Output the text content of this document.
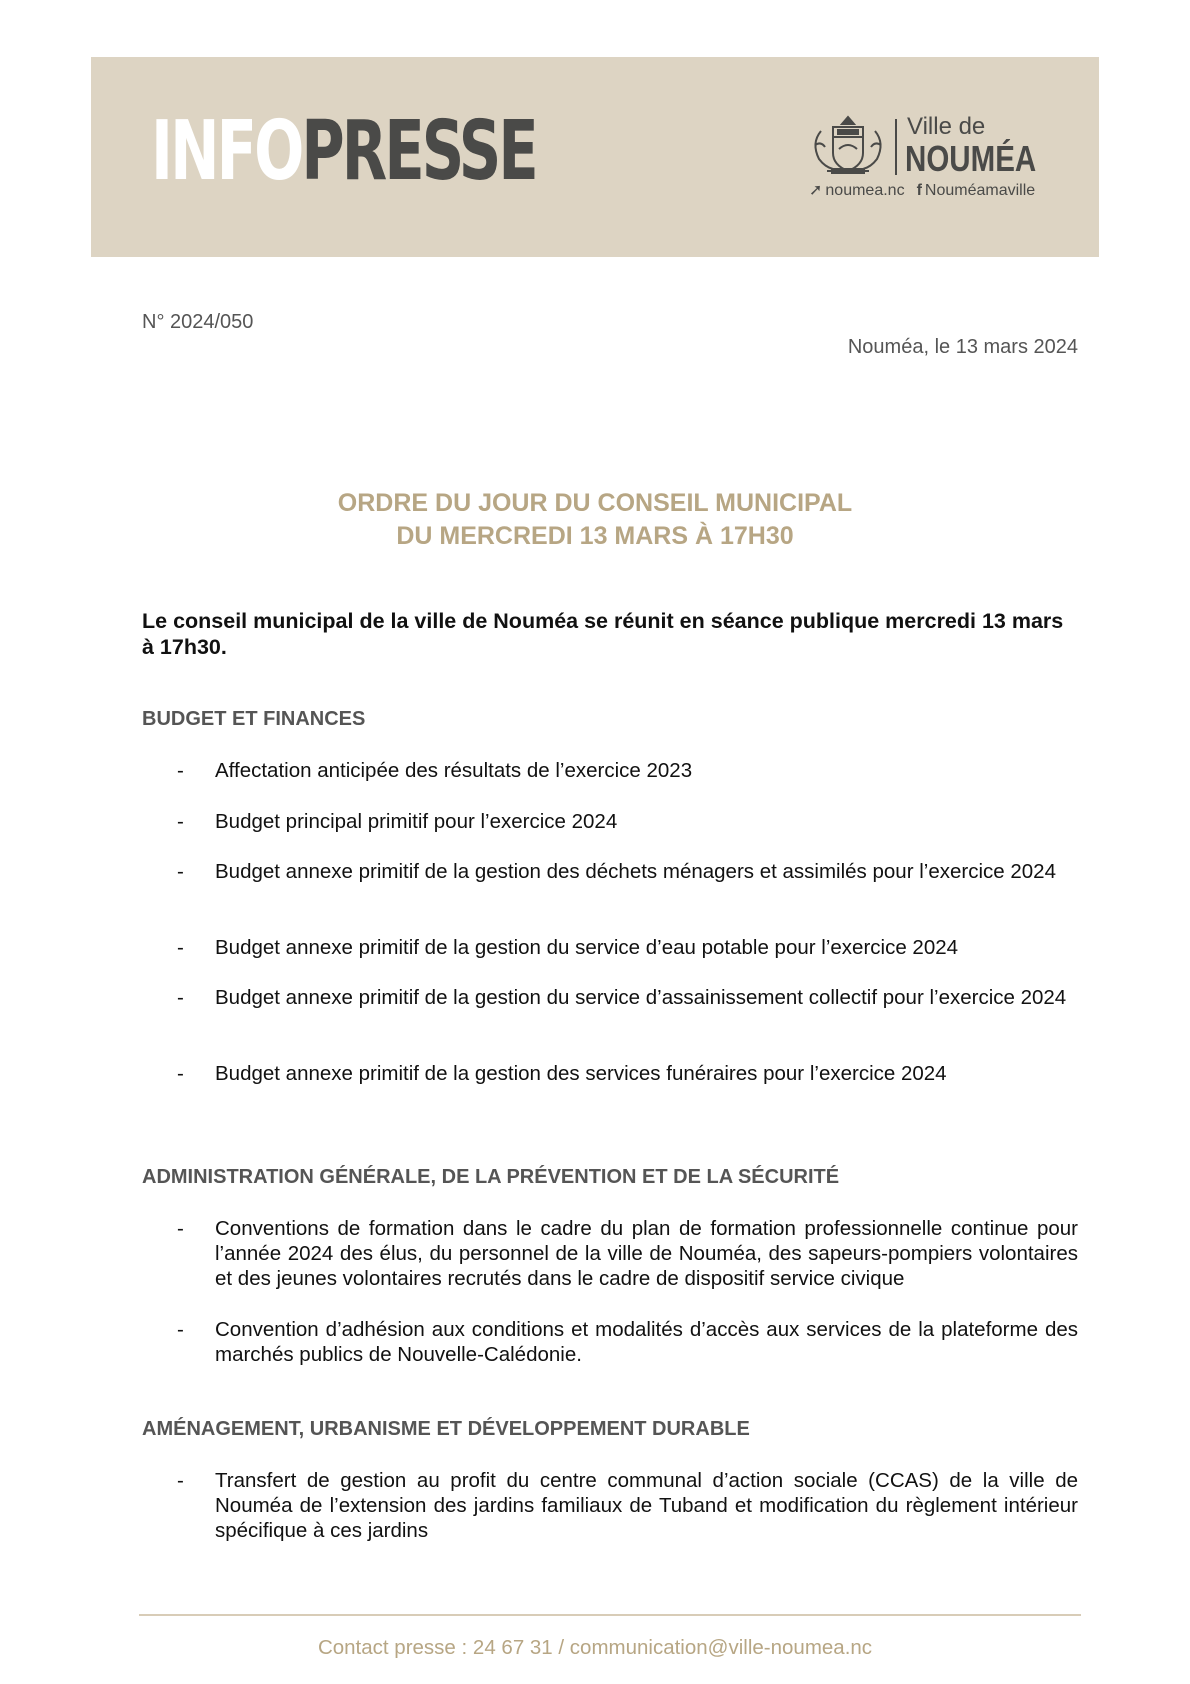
INFOPRESSE	Ville de
NOUMÉA
➚ noumea.nc f Nouméamaville
N° 2024/050
Nouméa, le 13 mars 2024
ORDRE DU JOUR DU CONSEIL MUNICIPAL
DU MERCREDI 13 MARS À 17H30
Le conseil municipal de la ville de Nouméa se réunit en séance publique mercredi 13 mars à 17h30.
BUDGET ET FINANCES
- Affectation anticipée des résultats de l’exercice 2023
- Budget principal primitif pour l’exercice 2024
- Budget annexe primitif de la gestion des déchets ménagers et assimilés pour l’exercice 2024
- Budget annexe primitif de la gestion du service d’eau potable pour l’exercice 2024
- Budget annexe primitif de la gestion du service d’assainissement collectif pour l’exercice 2024
- Budget annexe primitif de la gestion des services funéraires pour l’exercice 2024
ADMINISTRATION GÉNÉRALE, DE LA PRÉVENTION ET DE LA SÉCURITÉ
- Conventions de formation dans le cadre du plan de formation professionnelle continue pour l’année 2024 des élus, du personnel de la ville de Nouméa, des sapeurs-pompiers volontaires et des jeunes volontaires recrutés dans le cadre de dispositif service civique
- Convention d’adhésion aux conditions et modalités d’accès aux services de la plateforme des marchés publics de Nouvelle-Calédonie.
AMÉNAGEMENT, URBANISME ET DÉVELOPPEMENT DURABLE
- Transfert de gestion au profit du centre communal d’action sociale (CCAS) de la ville de Nouméa de l’extension des jardins familiaux de Tuband et modification du règlement intérieur spécifique à ces jardins
Contact presse : 24 67 31 / communication@ville-noumea.nc
